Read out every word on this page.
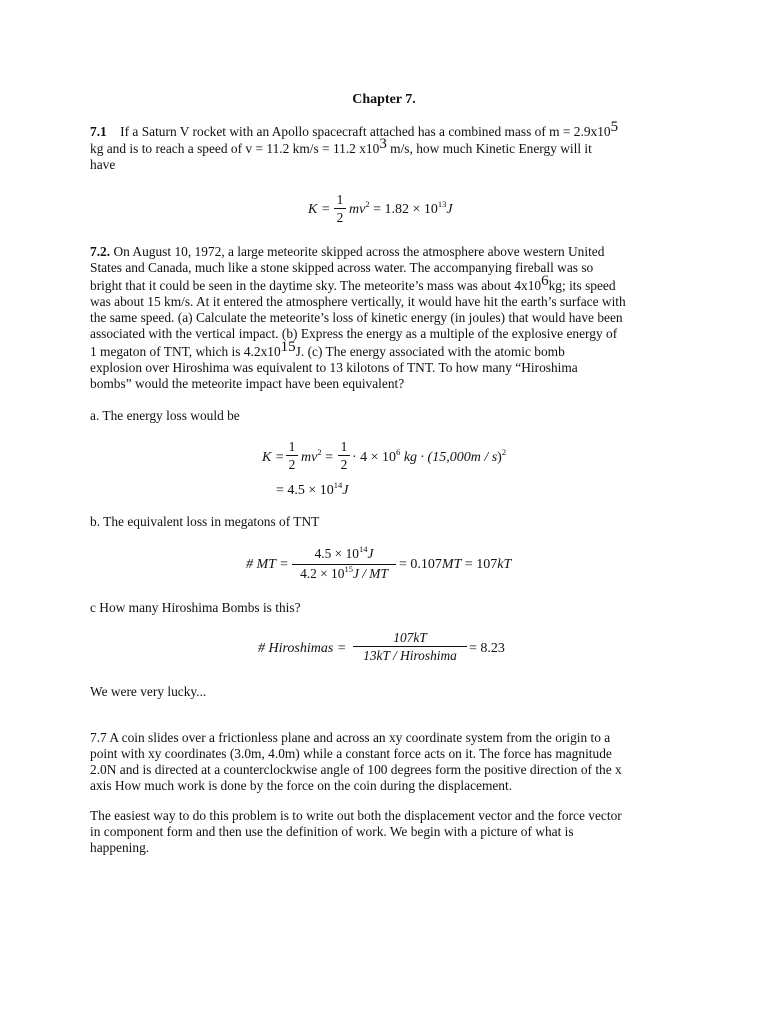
Chapter 7.
7.1 If a Saturn V rocket with an Apollo spacecraft attached has a combined mass of m = 2.9x105
kg and is to reach a speed of v = 11.2 km/s = 11.2 x103 m/s, how much Kinetic Energy will it
have
$K = \frac{1}{2} mv^2 = 1.82 \times 10^{13}J$
7.2. On August 10, 1972, a large meteorite skipped across the atmosphere above western United
States and Canada, much like a stone skipped across water. The accompanying fireball was so
bright that it could be seen in the daytime sky. The meteorite’s mass was about 4x106kg; its speed
was about 15 km/s. At it entered the atmosphere vertically, it would have hit the earth’s surface with
the same speed. (a) Calculate the meteorite’s loss of kinetic energy (in joules) that would have been
associated with the vertical impact. (b) Express the energy as a multiple of the explosive energy of
1 megaton of TNT, which is 4.2x1015J. (c) The energy associated with the atomic bomb
explosion over Hiroshima was equivalent to 13 kilotons of TNT. To how many “Hiroshima
bombs” would the meteorite impact have been equivalent?
a. The energy loss would be
$K = \frac{1}{2} mv^2 = \frac{1}{2} \cdot 4 \times 10^6$ kg · (15,000m / s)$^2$
= $4.5 \times 10^{14}J$
b. The equivalent loss in megatons of TNT
# MT = $\frac{4.5 \times 10^{14}J}{4.2 \times 10^{15}J / MT} = 0.107MT = 107kT$
c How many Hiroshima Bombs is this?
# Hiroshimas =
107kT
13kT / Hiroshima = 8.23
We were very lucky...
7.7 A coin slides over a frictionless plane and across an xy coordinate system from the origin to a
point with xy coordinates (3.0m, 4.0m) while a constant force acts on it. The force has magnitude
2.0N and is directed at a counterclockwise angle of 100 degrees form the positive direction of the x
axis How much work is done by the force on the coin during the displacement.
The easiest way to do this problem is to write out both the displacement vector and the force vector
in component form and then use the definition of work. We begin with a picture of what is
happening.
